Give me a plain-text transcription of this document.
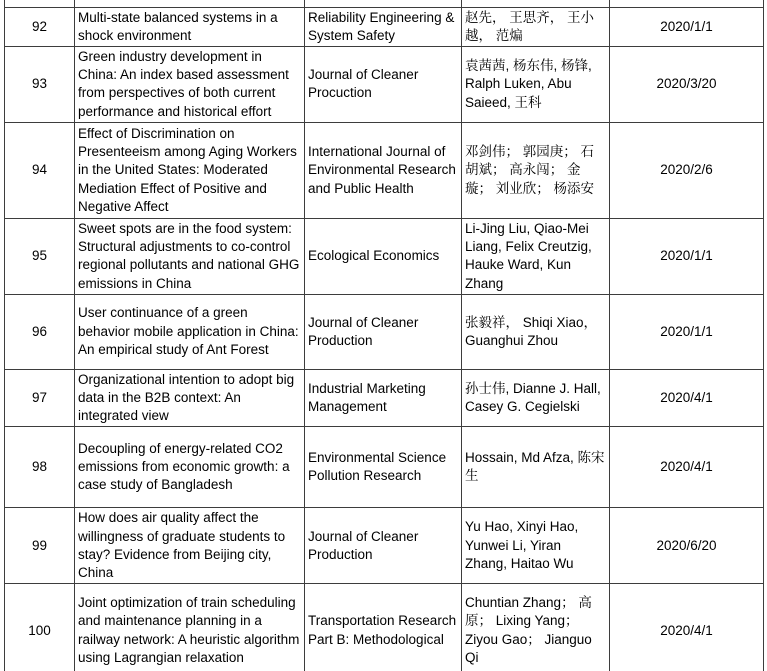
92	Multi-state balanced systems in a shock environment	Reliability Engineering & System Safety	赵先， 王思齐， 王小越， 范煸	2020/1/1
93	Green industry development in China: An index based assessment from perspectives of both current performance and historical effort	Journal of Cleaner Procuction	袁茜茜, 杨东伟, 杨锋, Ralph Luken, Abu Saieed, 王科	2020/3/20
94	Effect of Discrimination on Presenteeism among Aging Workers in the United States: Moderated Mediation Effect of Positive and Negative Affect	International Journal of Environmental Research and Public Health	邓剑伟； 郭园庚； 石胡斌； 高永闯； 金璇； 刘业欣； 杨添安	2020/2/6
95	Sweet spots are in the food system: Structural adjustments to co-control regional pollutants and national GHG emissions in China	Ecological Economics	Li-Jing Liu, Qiao-Mei Liang, Felix Creutzig, Hauke Ward, Kun Zhang	2020/1/1
96	User continuance of a green behavior mobile application in China: An empirical study of Ant Forest	Journal of Cleaner Production	张毅祥， Shiqi Xiao， Guanghui Zhou	2020/1/1
97	Organizational intention to adopt big data in the B2B context: An integrated view	Industrial Marketing Management	孙士伟, Dianne J. Hall, Casey G. Cegielski	2020/4/1
98	Decoupling of energy-related CO2 emissions from economic growth: a case study of Bangladesh	Environmental Science Pollution Research	Hossain, Md Afza, 陈宋生	2020/4/1
99	How does air quality affect the willingness of graduate students to stay? Evidence from Beijing city, China	Journal of Cleaner Production	Yu Hao, Xinyi Hao, Yunwei Li, Yiran Zhang, Haitao Wu	2020/6/20
100	Joint optimization of train scheduling and maintenance planning in a railway network: A heuristic algorithm using Lagrangian relaxation	Transportation Research Part B: Methodological	Chuntian Zhang； 高原； Lixing Yang； Ziyou Gao； Jianguo Qi	2020/4/1
